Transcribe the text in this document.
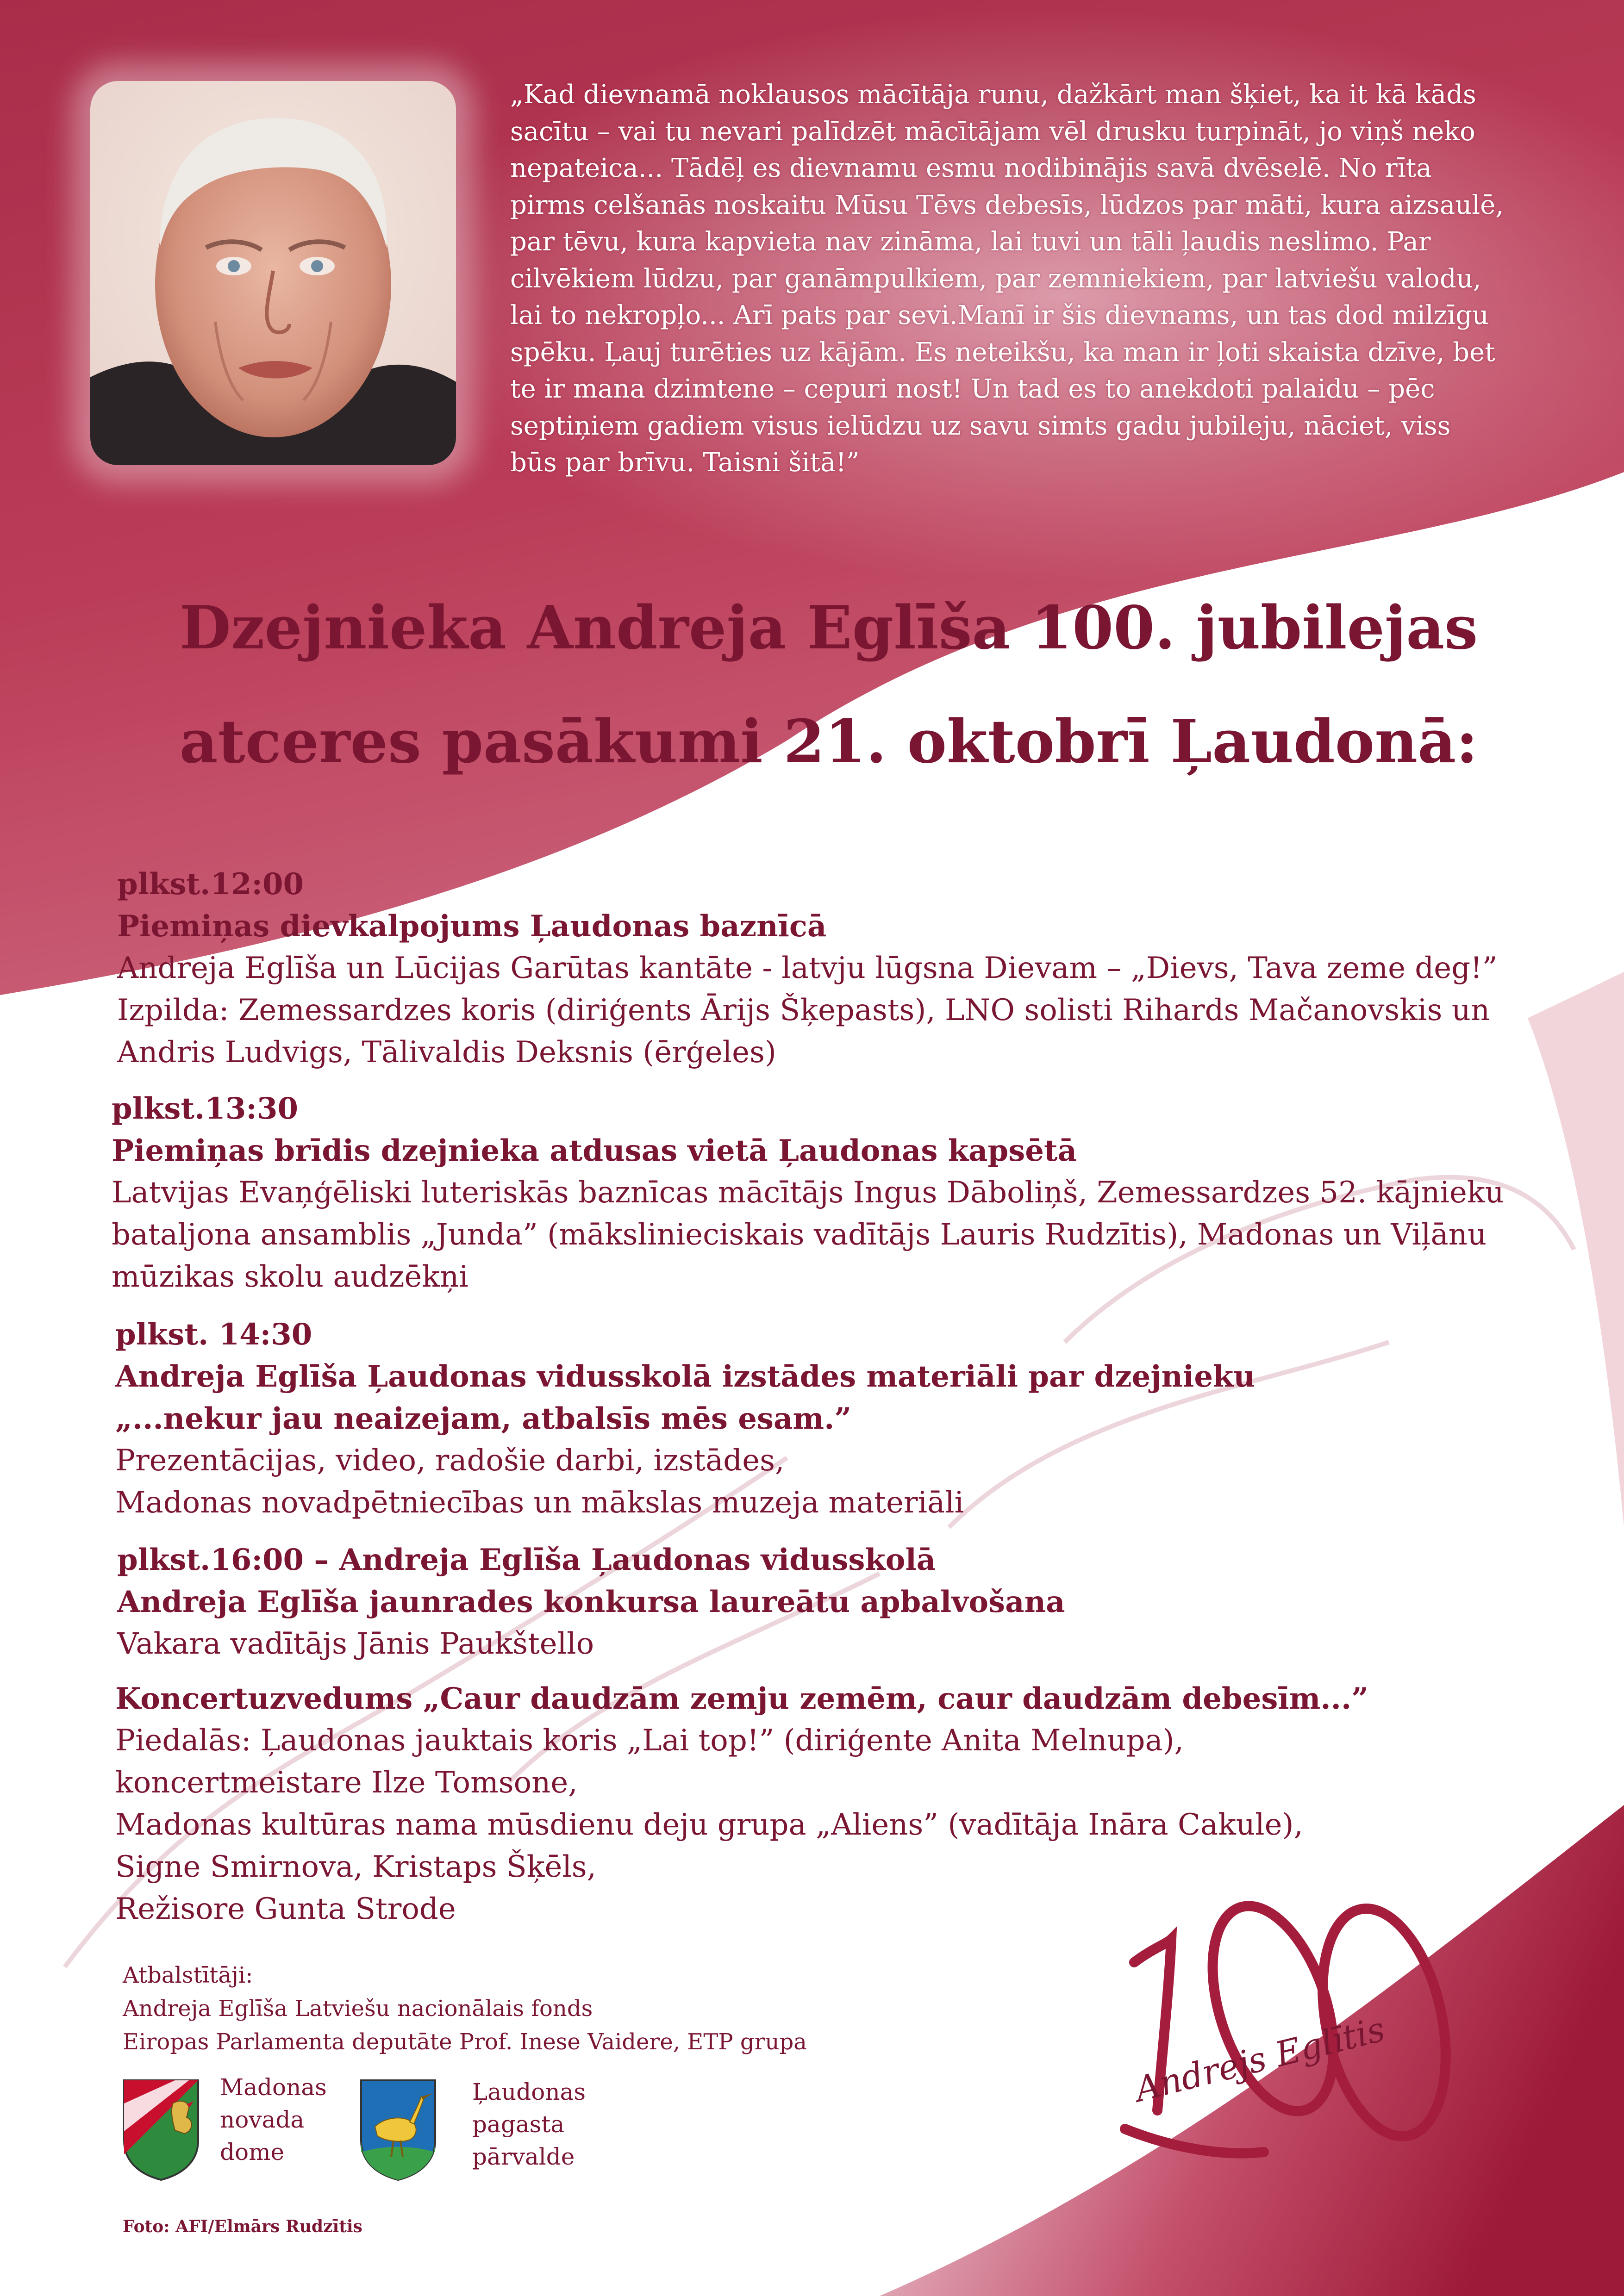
„Kad dievnamā noklausos mācītāja runu, dažkārt man šķiet, ka it kā kāds
sacītu – vai tu nevari palīdzēt mācītājam vēl drusku turpināt, jo viņš neko
nepateica... Tādēļ es dievnamu esmu nodibinājis savā dvēselē. No rīta
pirms celšanās noskaitu Mūsu Tēvs debesīs, lūdzos par māti, kura aizsaulē,
par tēvu, kura kapvieta nav zināma, lai tuvi un tāli ļaudis neslimo. Par
cilvēkiem lūdzu, par ganāmpulkiem, par zemniekiem, par latviešu valodu,
lai to nekropļo... Arī pats par sevi.Manī ir šis dievnams, un tas dod milzīgu
spēku. Ļauj turēties uz kājām. Es neteikšu, ka man ir ļoti skaista dzīve, bet
te ir mana dzimtene – cepuri nost! Un tad es to anekdoti palaidu – pēc
septiņiem gadiem visus ielūdzu uz savu simts gadu jubileju, nāciet, viss
būs par brīvu. Taisni šitā!”
Dzejnieka Andreja Eglīša 100. jubilejas
atceres pasākumi 21. oktobrī Ļaudonā:
plkst.12:00
Piemiņas dievkalpojums Ļaudonas baznīcā
Andreja Eglīša un Lūcijas Garūtas kantāte - latvju lūgsna Dievam – „Dievs, Tava zeme deg!”
Izpilda: Zemessardzes koris (diriģents Ārijs Šķepasts), LNO solisti Rihards Mačanovskis un
Andris Ludvigs, Tālivaldis Deksnis (ērģeles)
plkst.13:30
Piemiņas brīdis dzejnieka atdusas vietā Ļaudonas kapsētā
Latvijas Evaņģēliski luteriskās baznīcas mācītājs Ingus Dāboliņš, Zemessardzes 52. kājnieku
bataljona ansamblis „Junda” (mākslinieciskais vadītājs Lauris Rudzītis), Madonas un Viļānu
mūzikas skolu audzēkņi
plkst. 14:30
Andreja Eglīša Ļaudonas vidusskolā izstādes materiāli par dzejnieku
„...nekur jau neaizejam, atbalsīs mēs esam.”
Prezentācijas, video, radošie darbi, izstādes,
Madonas novadpētniecības un mākslas muzeja materiāli
plkst.16:00 – Andreja Eglīša Ļaudonas vidusskolā
Andreja Eglīša jaunrades konkursa laureātu apbalvošana
Vakara vadītājs Jānis Paukštello
Koncertuzvedums „Caur daudzām zemju zemēm, caur daudzām debesīm...”
Piedalās: Ļaudonas jauktais koris „Lai top!” (diriģente Anita Melnupa),
koncertmeistare Ilze Tomsone,
Madonas kultūras nama mūsdienu deju grupa „Aliens” (vadītāja Ināra Cakule),
Signe Smirnova, Kristaps Šķēls,
Režisore Gunta Strode
Atbalstītāji:
Andreja Eglīša Latviešu nacionālais fonds
Eiropas Parlamenta deputāte Prof. Inese Vaidere, ETP grupa
Madonas
novada
dome
Ļaudonas
pagasta
pārvalde
Andrejs Eglītis
Foto: AFI/Elmārs Rudzītis
